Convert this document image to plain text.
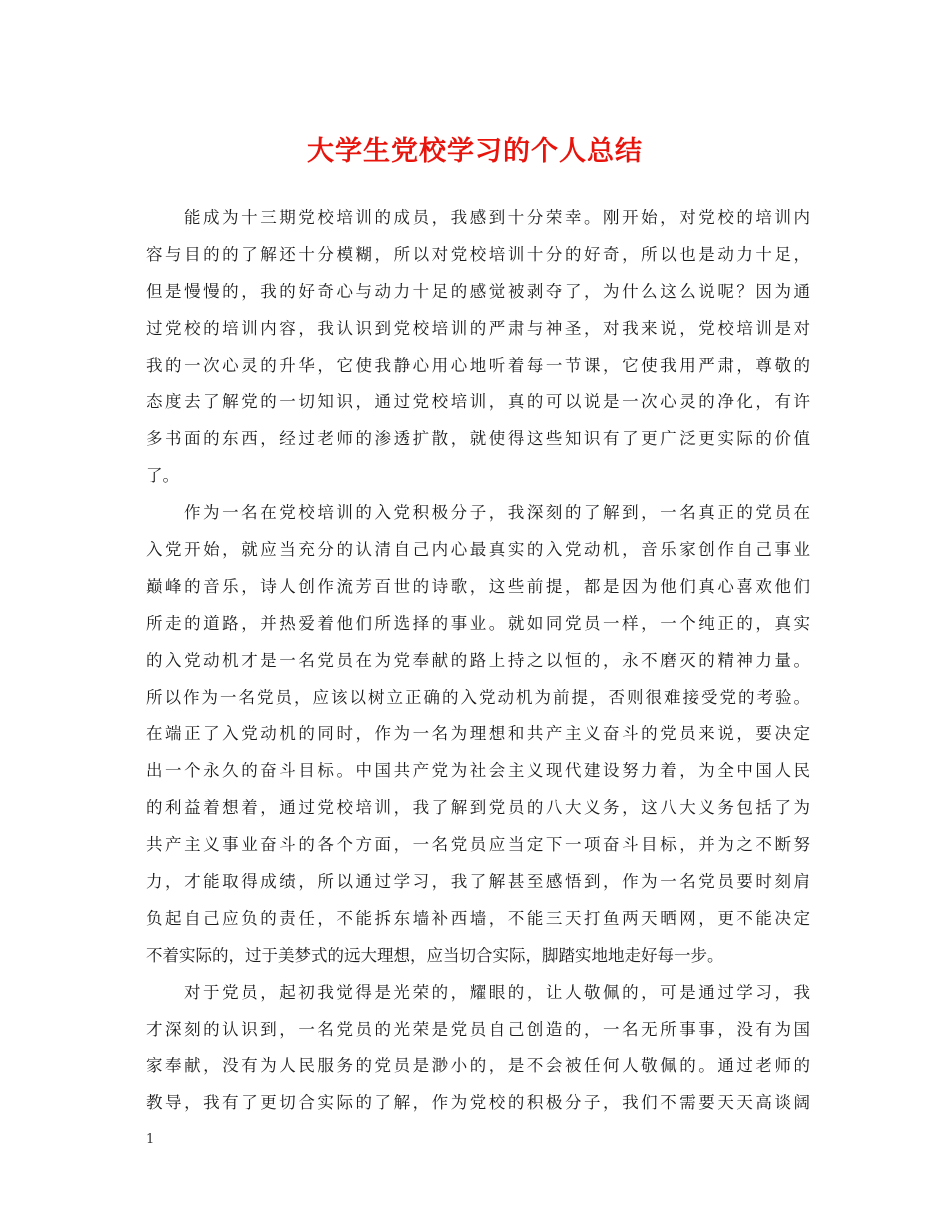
大学生党校学习的个人总结
能成为十三期党校培训的成员，我感到十分荣幸。刚开始，对党校的培训内
容与目的的了解还十分模糊，所以对党校培训十分的好奇，所以也是动力十足，
但是慢慢的，我的好奇心与动力十足的感觉被剥夺了，为什么这么说呢？因为通
过党校的培训内容，我认识到党校培训的严肃与神圣，对我来说，党校培训是对
我的一次心灵的升华，它使我静心用心地听着每一节课，它使我用严肃，尊敬的
态度去了解党的一切知识，通过党校培训，真的可以说是一次心灵的净化，有许
多书面的东西，经过老师的渗透扩散，就使得这些知识有了更广泛更实际的价值
了。
作为一名在党校培训的入党积极分子，我深刻的了解到，一名真正的党员在
入党开始，就应当充分的认清自己内心最真实的入党动机，音乐家创作自己事业
巅峰的音乐，诗人创作流芳百世的诗歌，这些前提，都是因为他们真心喜欢他们
所走的道路，并热爱着他们所选择的事业。就如同党员一样，一个纯正的，真实
的入党动机才是一名党员在为党奉献的路上持之以恒的，永不磨灭的精神力量。
所以作为一名党员，应该以树立正确的入党动机为前提，否则很难接受党的考验。
在端正了入党动机的同时，作为一名为理想和共产主义奋斗的党员来说，要决定
出一个永久的奋斗目标。中国共产党为社会主义现代建设努力着，为全中国人民
的利益着想着，通过党校培训，我了解到党员的八大义务，这八大义务包括了为
共产主义事业奋斗的各个方面，一名党员应当定下一项奋斗目标，并为之不断努
力，才能取得成绩，所以通过学习，我了解甚至感悟到，作为一名党员要时刻肩
负起自己应负的责任，不能拆东墙补西墙，不能三天打鱼两天晒网，更不能决定
不着实际的，过于美梦式的远大理想，应当切合实际，脚踏实地地走好每一步。
对于党员，起初我觉得是光荣的，耀眼的，让人敬佩的，可是通过学习，我
才深刻的认识到，一名党员的光荣是党员自己创造的，一名无所事事，没有为国
家奉献，没有为人民服务的党员是渺小的，是不会被任何人敬佩的。通过老师的
教导，我有了更切合实际的了解，作为党校的积极分子，我们不需要天天高谈阔
1
